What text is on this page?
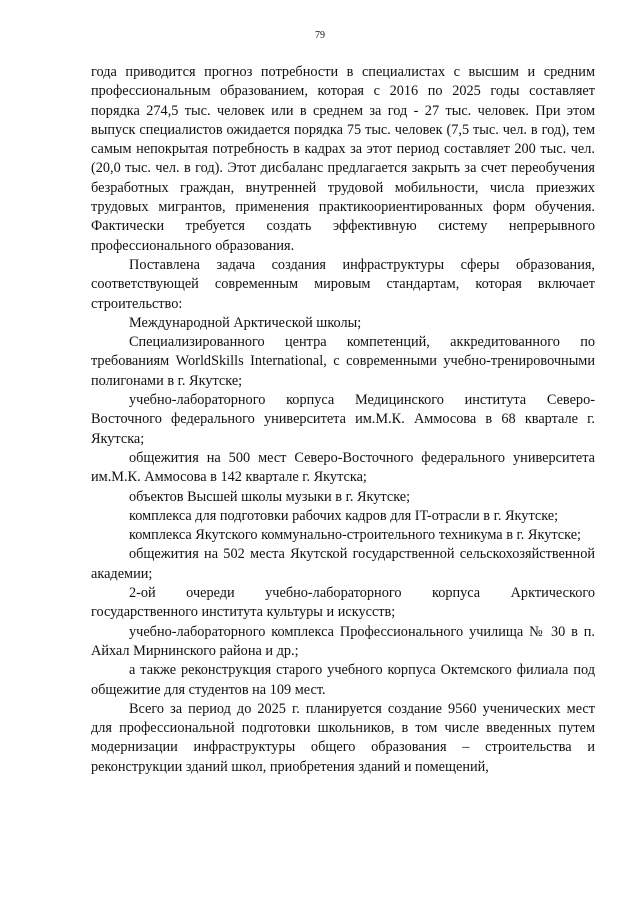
79

года приводится прогноз потребности в специалистах с высшим и средним профессиональным образованием, которая с 2016 по 2025 годы составляет порядка 274,5 тыс. человек или в среднем за год - 27 тыс. человек. При этом выпуск специалистов ожидается порядка 75 тыс. человек (7,5 тыс. чел. в год), тем самым непокрытая потребность в кадрах за этот период составляет 200 тыс. чел. (20,0 тыс. чел. в год). Этот дисбаланс предлагается закрыть за счет переобучения безработных граждан, внутренней трудовой мобильности, числа приезжих трудовых мигрантов, применения практикоориентированных форм обучения. Фактически требуется создать эффективную систему непрерывного профессионального образования.

Поставлена задача создания инфраструктуры сферы образования, соответствующей современным мировым стандартам, которая включает строительство:

Международной Арктической школы;

Специализированного центра компетенций, аккредитованного по требованиям WorldSkills International, с современными учебно-тренировочными полигонами в г. Якутске;

учебно-лабораторного корпуса Медицинского института Северо-Восточного федерального университета им.М.К. Аммосова в 68 квартале г. Якутска;

общежития на 500 мест Северо-Восточного федерального университета им.М.К. Аммосова в 142 квартале г. Якутска;

объектов Высшей школы музыки в г. Якутске;

комплекса для подготовки рабочих кадров для IT-отрасли в г. Якутске;

комплекса Якутского коммунально-строительного техникума в г. Якутске;

общежития на 502 места Якутской государственной сельскохозяйственной академии;

2-ой очереди учебно-лабораторного корпуса Арктического государственного института культуры и искусств;

учебно-лабораторного комплекса Профессионального училища № 30 в п. Айхал Мирнинского района и др.;

а также реконструкция старого учебного корпуса Октемского филиала под общежитие для студентов на 109 мест.

Всего за период до 2025 г. планируется создание 9560 ученических мест для профессиональной подготовки школьников, в том числе введенных путем модернизации инфраструктуры общего образования – строительства и реконструкции зданий школ, приобретения зданий и помещений,
